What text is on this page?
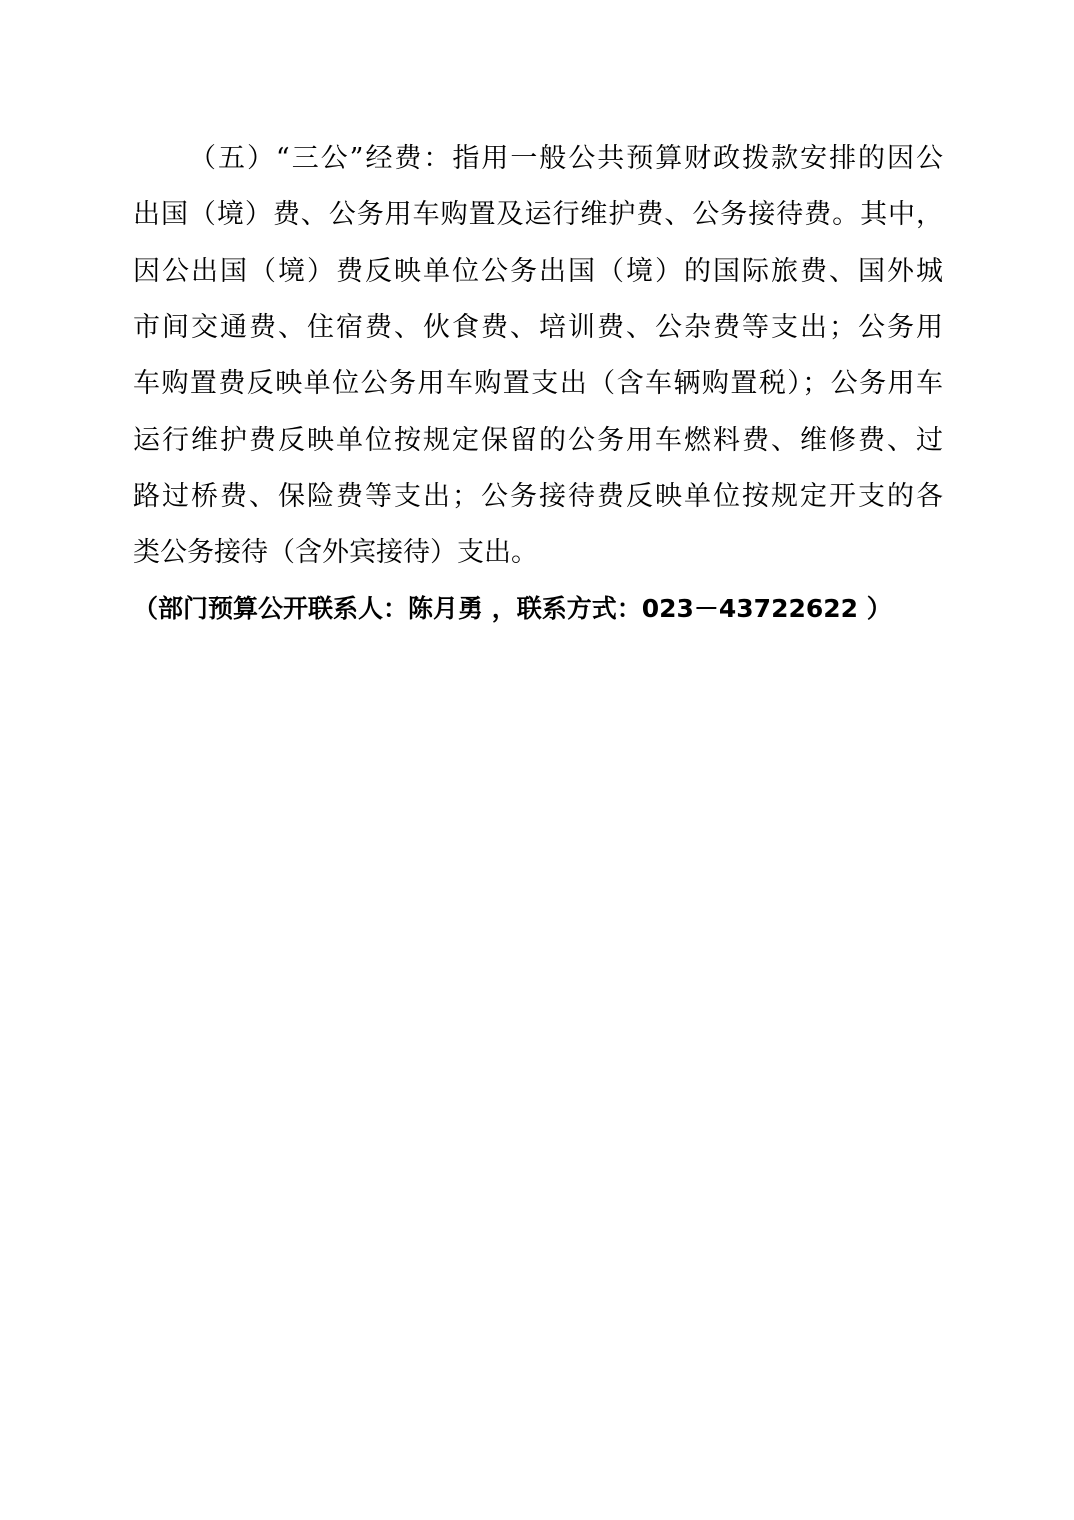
（五）“三公”经费：指用一般公共预算财政拨款安排的因公
出国（境）费、公务用车购置及运行维护费、公务接待费。其中，
因公出国（境）费反映单位公务出国（境）的国际旅费、国外城
市间交通费、住宿费、伙食费、培训费、公杂费等支出；公务用
车购置费反映单位公务用车购置支出（含车辆购置税）；公务用车
运行维护费反映单位按规定保留的公务用车燃料费、维修费、过
路过桥费、保险费等支出；公务接待费反映单位按规定开支的各
类公务接待（含外宾接待）支出。
（部门预算公开联系人：陈月勇 ，联系方式：023－43722622 ）
